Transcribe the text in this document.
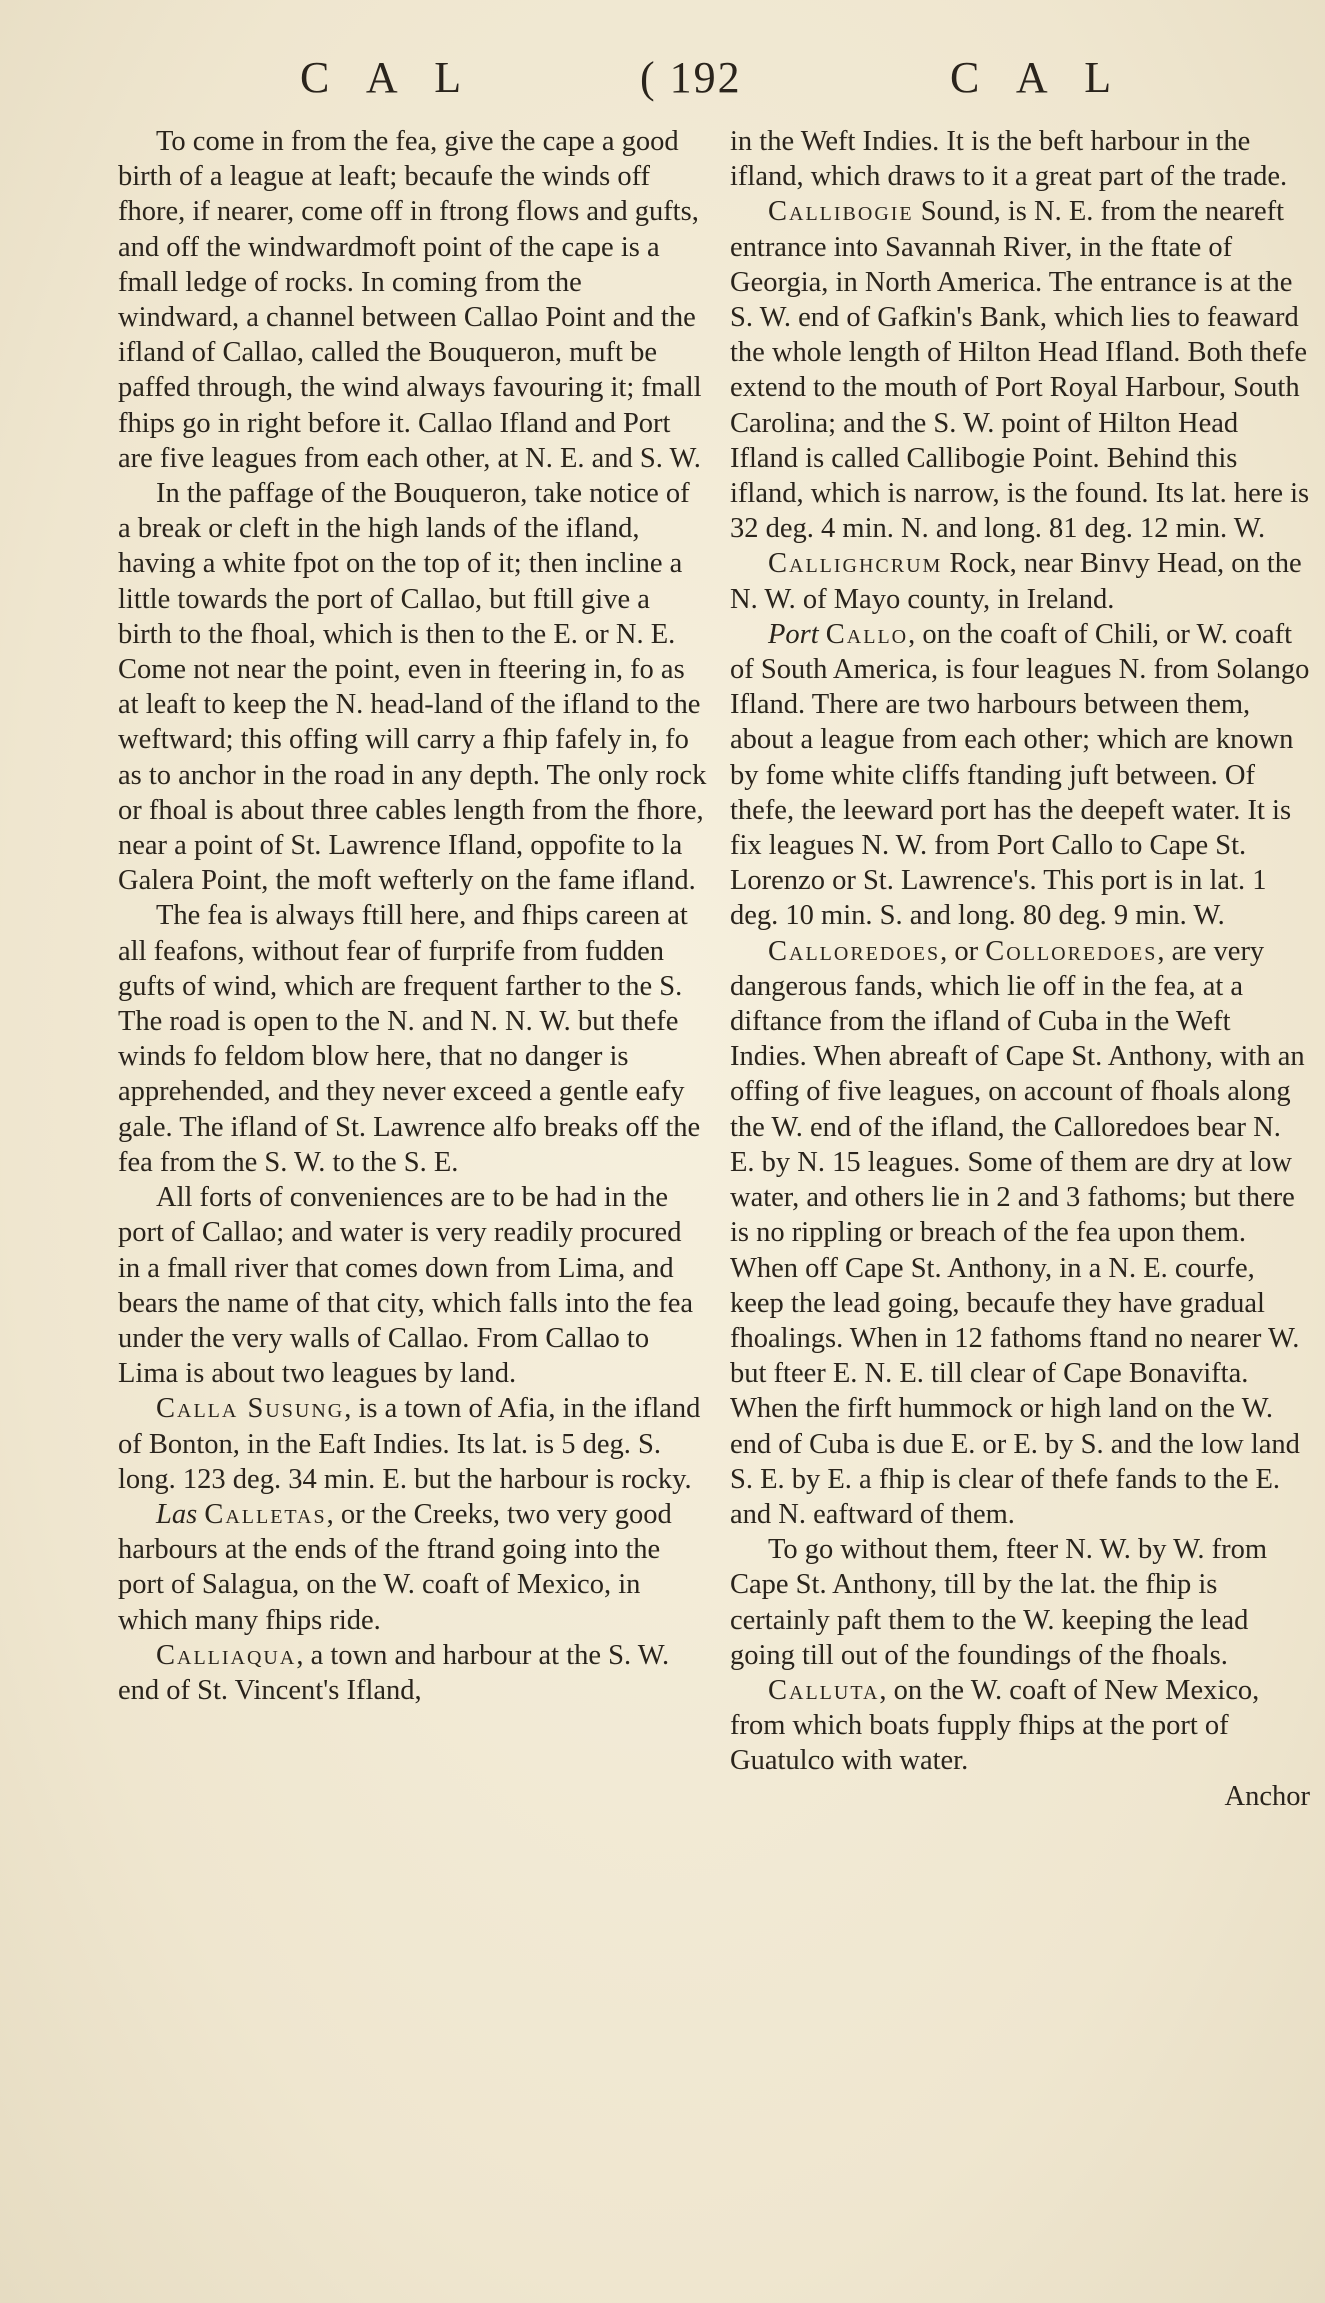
C A L	( 192	C A L

To come in from the fea, give the cape a good birth of a league at leaft; becaufe the winds off fhore, if nearer, come off in ftrong flows and gufts, and off the windwardmoft point of the cape is a fmall ledge of rocks. In coming from the windward, a channel between Callao Point and the ifland of Callao, called the Bouqueron, muft be paffed through, the wind always favouring it; fmall fhips go in right before it. Callao Ifland and Port are five leagues from each other, at N. E. and S. W.

In the paffage of the Bouqueron, take notice of a break or cleft in the high lands of the ifland, having a white fpot on the top of it; then incline a little towards the port of Callao, but ftill give a birth to the fhoal, which is then to the E. or N. E. Come not near the point, even in fteering in, fo as at leaft to keep the N. head-land of the ifland to the weftward; this offing will carry a fhip fafely in, fo as to anchor in the road in any depth. The only rock or fhoal is about three cables length from the fhore, near a point of St. Lawrence Ifland, oppofite to la Galera Point, the moft wefterly on the fame ifland.

The fea is always ftill here, and fhips careen at all feafons, without fear of furprife from fudden gufts of wind, which are frequent farther to the S. The road is open to the N. and N. N. W. but thefe winds fo feldom blow here, that no danger is apprehended, and they never exceed a gentle eafy gale. The ifland of St. Lawrence alfo breaks off the fea from the S. W. to the S. E.

All forts of conveniences are to be had in the port of Callao; and water is very readily procured in a fmall river that comes down from Lima, and bears the name of that city, which falls into the fea under the very walls of Callao. From Callao to Lima is about two leagues by land.

Calla Susung, is a town of Afia, in the ifland of Bonton, in the Eaft Indies. Its lat. is 5 deg. S. long. 123 deg. 34 min. E. but the harbour is rocky.

Las Calletas, or the Creeks, two very good harbours at the ends of the ftrand going into the port of Salagua, on the W. coaft of Mexico, in which many fhips ride.

Calliaqua, a town and harbour at the S. W. end of St. Vincent's Ifland,

in the Weft Indies. It is the beft harbour in the ifland, which draws to it a great part of the trade.

Callibogie Sound, is N. E. from the neareft entrance into Savannah River, in the ftate of Georgia, in North America. The entrance is at the S. W. end of Gafkin's Bank, which lies to feaward the whole length of Hilton Head Ifland. Both thefe extend to the mouth of Port Royal Harbour, South Carolina; and the S. W. point of Hilton Head Ifland is called Callibogie Point. Behind this ifland, which is narrow, is the found. Its lat. here is 32 deg. 4 min. N. and long. 81 deg. 12 min. W.

Callighcrum Rock, near Binvy Head, on the N. W. of Mayo county, in Ireland.

Port Callo, on the coaft of Chili, or W. coaft of South America, is four leagues N. from Solango Ifland. There are two harbours between them, about a league from each other; which are known by fome white cliffs ftanding juft between. Of thefe, the leeward port has the deepeft water. It is fix leagues N. W. from Port Callo to Cape St. Lorenzo or St. Lawrence's. This port is in lat. 1 deg. 10 min. S. and long. 80 deg. 9 min. W.

Calloredoes, or Colloredoes, are very dangerous fands, which lie off in the fea, at a diftance from the ifland of Cuba in the Weft Indies. When abreaft of Cape St. Anthony, with an offing of five leagues, on account of fhoals along the W. end of the ifland, the Calloredoes bear N. E. by N. 15 leagues. Some of them are dry at low water, and others lie in 2 and 3 fathoms; but there is no rippling or breach of the fea upon them. When off Cape St. Anthony, in a N. E. courfe, keep the lead going, becaufe they have gradual fhoalings. When in 12 fathoms ftand no nearer W. but fteer E. N. E. till clear of Cape Bonavifta. When the firft hummock or high land on the W. end of Cuba is due E. or E. by S. and the low land S. E. by E. a fhip is clear of thefe fands to the E. and N. eaftward of them.

To go without them, fteer N. W. by W. from Cape St. Anthony, till by the lat. the fhip is certainly paft them to the W. keeping the lead going till out of the foundings of the fhoals.

Calluta, on the W. coaft of New Mexico, from which boats fupply fhips at the port of Guatulco with water.

Anchor
